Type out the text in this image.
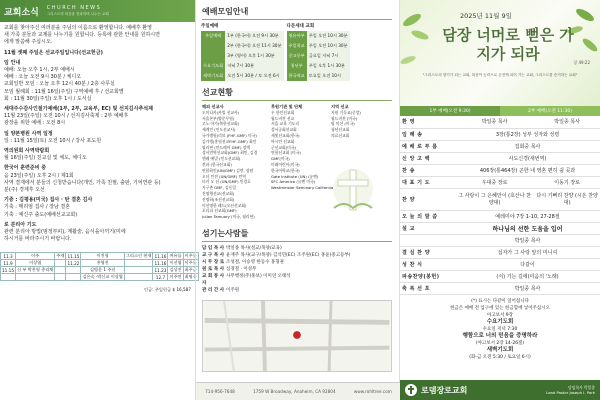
교회소식 CHURCH NEWS
그리스도의 복음을 전파하며 나누는 교회

교회를 찾아주신 여러분을 주님의 이름으로 환영합니다. 예배후 환영

새 가족 분들과 교제를 나누기를 원합니다. 등록에 관한 안내를 원하시면

에게 말씀해 주십시오.

11월 셋째 주일은 선교주일입니다(선교헌금)

임 안내

예배: 오늘 오후 1시, 2부 예배시

예배 : 오늘 오전 9시 30분 / 체디오

교회일반 모임 : 오늘 오후 12시 40분 / 2층 사무실

모임 월례회 : 11월 16일(주일) 구역예배 후 / 선교회별

회 : 11월 30일(주일) 오후 1시 / 도서실

세대주수감사인절기예배(1부, 2부, 교육부, EC) 및 선지김사추석제

11월 23일(주일) 오전 10시 / 선지김사축제 : 2부 예배후

광장을 위한 예배 : 오전 8시

일 양본병원 사역 일정

일 : 11월 15일(토) 오전 10시 / 강사 포도원

역의원회 사역박람회

월 16일(주일) 친교실 및 체도, 체디오

한국어 훈련준비 중

음 23일(주일) 오후 2시 / 제1회

사역 결재에서 분들의 신청받습니다(개인, 가족 친필, 출판, 기억연관 등)

분(주) 경제후 오선

기증 : 김평용(미국) 집사 · 탄 결혼 김사

기축 : 메리엄 집사 / 장남 결혼

기축 : 예신주 출도(예배선교교회)

로 분리아 기도

관련 분리아 방법(범정부피), 계활술, 음식을아끼기(미에

하시거를 바라주시기 바랍니다.

11.3	이주	주재	11.15	이진형	그리스인 현재	11.16	여유를	이주를
11.9	이상엽		11.22	홍영진		11.16	이선엽	이주를
11.15	신 부 박찬영 총리채			김병운 1 주선		11.23	김상진	최주금
				김은숙 ·박신교 이상엽		12.7	이주연	최명수
인금: 주일헌금 $ 16,587
예배모임안내
주일예배
주일예배	1부 (한국어) 오전 9시 30분
	2부 (한국어) 오전 11시 30분
	3부 (영어) 오후 1시 30분
수요기도회	저녁 7시 30분
새벽기도회	오전 5시 30분 / 토 오전 6시
다문세대 교회
영유아부	주일 오전 10시 30분
주일학교	주일 오전 10시 30분
중고등부	금요일 저녁 7시
청년부	주일 오후 1시 30분
한국학교	토요일 오전 10시
선교현황

해외 선교사

도미니카(카빌 선교사)

서울본부(양문무원)

고노 아가(북한선교회)

세계인 (인도선교사)

국가병원(리브 (FHF-GMF) 미국)

김가병(홍원선교FHF-GMF) 최인

필리핀 (안드레이 GMF) 장벽

성서번역선교회(GMF) 최민, 김경

앤레 에밀 (인도선교회)

전파 (한국선교회)

연합하인(UN/GMF) 김연, 장원

오더 인전 (UN/GMF) 민역

터키 오 선 (UN/GMF) 민경호

지구촌 GMF, 김동일

진명행선교(선교회)

진명하(조선선교회)

이선명한 레드(오선선교회)

포리피 선교회(GMF)

Julian Tamuory (미국, 필리핀)

후원기관 및 단체

우 한인선교회

월드비전 선교

서울 교육 기도리

성서공회선교회

새빛선교회(한국)

아시안 선교회

군선교회(미국)

연합선교회 (미국)

GMF(미국)

미래어린이(미국)

한국어학교(한국)

Gate Institute (UN) (유엔)

SFC America (유엔 미국)

Westminster Seminary California

지역 선교

지원 기독교(중앙)

월드비전 (미국)

팀 미션 (미국)

청년선교회

의료선교회

섬기는사람들
담 임 목 사 박일종 목사(설교/목양/교육)
교 구 목 사 윤재주 목사(교구/목양) 김석민(EC) 조주원(EC) 홍윤(중고등부)
시 무 장 로 조성철, 이승영 한동수 홍형권
원 로 목 사 심경철 · 이성무
교 회 봉 사 자
사무행정(주)홍보) 이미연 오태석
관 리 간 사 이주원
714-956-7648	1759 W Broadway, Anaheim, CA 92804	www.rohltree.com
2025년 11월 9일
담장 너머로 뻗은 가지가 되라	창 49:22
"그리스도의 향기가 되는 교회, 복음이 능력으로 온전케 되어 가는 교회, 그리스도를 증거하는 교회"
1부 예배(오전 9:30)	2부 예배(오전 11:30)
환 영	박일종 목사	박일종 목사
임 례 송	3장(통2장) 성부 성자와 성령	
예 배 로 부 름	집회중 목사	
신 앙 고 백	사도신경(새번역)	
찬 송	406장(통464장) 곤한 내 영혼 편히 쉴 곳과	
대 표 기 도	우대중 장로	이동기 장로
찬 양	그 사랑이 그 은혜안이 (호산나 찬양대)	다시 기뻐리 찬양 (시온 찬양대)
오 늘 의 말 씀	예레미야 7장 1-10, 27-28절	
설 교	하나님의 선한 도움을 입어	
	박일종 목사	
결 심 찬 양	십자가 그 사랑 앞의 미니셔	
성 찬 식	다같이	
파송찬양(봉헌)	(서) 기는 길에(미음의 '노래)	
축 복 선 포	박일종 목사	

(*) 표시는 다같이 일어섭니다

헌금은 예배 전 입구에 있는 헌금함에 넣어주십시오

아고보서 9장

수요기도회

수요일 저녁 7:30

행함으로 너의 믿음을 증명하라

(야고보서 2장 14-26절)

새벽기도회

(화-금 오전 5:30 / 토요일 6시)

로뎀장로교회	담임목사 박일종
Lead Pastor Joseph I. Park
